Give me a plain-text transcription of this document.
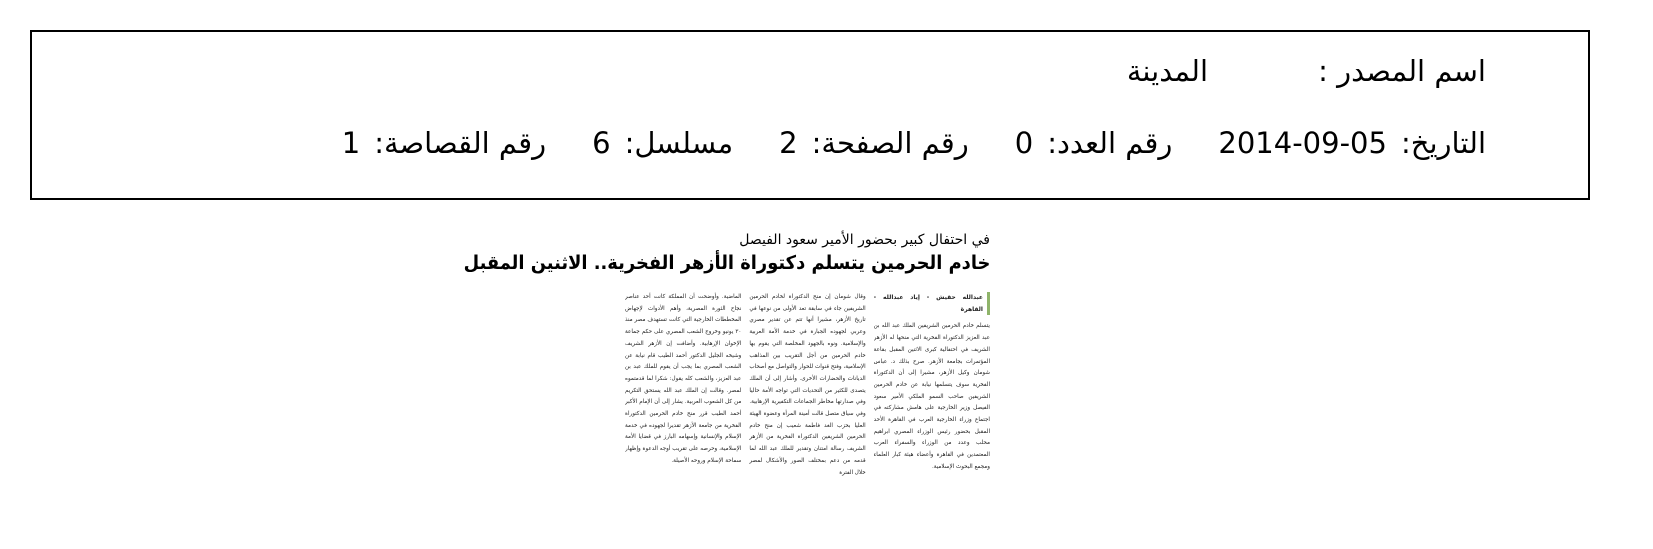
اسم المصدر :المدينة
التاريخ:2014-09-05رقم العدد:0رقم الصفحة:2مسلسل:6رقم القصاصة:1
في احتفال كبير بحضور الأمير سعود الفيصل
خادم الحرمين يتسلم دكتوراة الأزهر الفخرية.. الاثنين المقبل
عبدالله حقيش - إياد عبدالله - القاهرة

يتسلم خادم الحرمين الشريفين الملك عبد الله بن عبد العزيز الدكتوراة الفخرية التي منحها له الأزهر الشريف في احتفالية كبرى الاثنين المقبل بقاعة المؤتمرات بجامعة الأزهر. صرح بذلك د. عباس شومان وكيل الأزهر، مشيرا إلى أن الدكتوراة الفخرية سوف يتسلمها نيابة عن خادم الحرمين الشريفين صاحب السمو الملكي الأمير سعود الفيصل وزير الخارجية على هامش مشاركته في اجتماع وزراء الخارجية العرب في القاهرة الأحد المقبل بحضور رئيس الوزراء المصري ابراهيم محلب وعدد من الوزراء والسفراء العرب المعتمدين في القاهرة وأعضاء هيئة كبار العلماء ومجمع البحوث الإسلامية.

وقال شومان إن منح الدكتوراة لخادم الحرمين الشريفين جاء في سابقة تعد الأولى من نوعها في تاريخ الأزهر، مشيرا أنها تتم عن تقدير مصري وعربي لجهوده الجبارة في خدمة الأمة العربية والإسلامية. ونوه بالجهود المخلصة التي يقوم بها خادم الحرمين من أجل التقريب بين المذاهب الإسلامية، وفتح قنوات للحوار والتواصل مع أصحاب الديانات والحضارات الأخرى. وأشار إلى أن الملك يتصدى للكثير من التحديات التي تواجه الأمة حاليا وفي صدارتها مخاطر الجماعات التكفيرية الإرهابية. وفي سياق متصل قالت أمينة المرأة وعضوة الهيئة العليا بحزب الغد فاطمة شعيب إن منح خادم الحرمين الشريفين الدكتوراة الفخرية من الأزهر الشريف رسالة امتنان وتقدير للملك عبد الله لما قدمه من دعم بمختلف الصور والأشكال لمصر خلال الفترة

الماضية. وأوضحت أن المملكة كانت أحد عناصر نجاح الثورة المصرية، وأهم الأدوات لإجهاض المخططات الخارجية التي كانت تستهدف مصر منذ ٣٠ يونيو وخروج الشعب المصري على حكم جماعة الإخوان الإرهابية. وأضافت إن الأزهر الشريف وشيخه الجليل الدكتور أحمد الطيب قام نيابة عن الشعب المصري بما يجب أن يقوم للملك عبد بن عبد العزيز، والشعب كله يقول: شكرا لما قدمتموه لمصر. وقالت إن الملك عبد الله يستحق التكريم من كل الشعوب العربية. يشار إلى أن الإمام الأكبر أحمد الطيب قرر منح خادم الحرمين الدكتوراة الفخرية من جامعة الأزهر تقديرا لجهوده في خدمة الإسلام والإنسانية وإسهامه البارز في قضايا الأمة الإسلامية، وحرصه على تقريب أوجه الدعوة وإظهار سماحة الإسلام وروحه الأصيلة.
